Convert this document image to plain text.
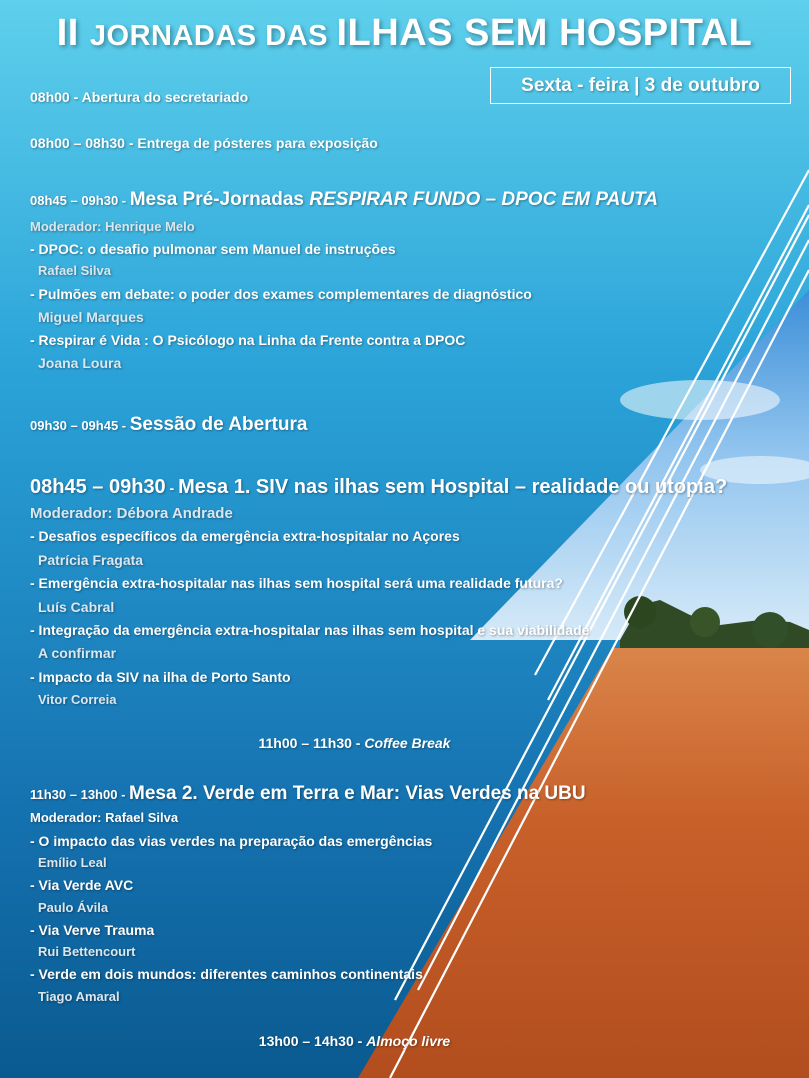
II JORNADAS DAS ILHAS SEM HOSPITAL
Sexta - feira | 3 de outubro
08h00 - Abertura do secretariado
08h00 – 08h30 - Entrega de pósteres para exposição
08h45 – 09h30 - Mesa Pré-Jornadas RESPIRAR FUNDO – DPOC EM PAUTA
Moderador: Henrique Melo
- DPOC: o desafio pulmonar sem Manuel de instruções
Rafael Silva
- Pulmões em debate: o poder dos exames complementares de diagnóstico
Miguel Marques
- Respirar é Vida : O Psicólogo na Linha da Frente contra a DPOC
Joana Loura
09h30 – 09h45 - Sessão de Abertura
08h45 – 09h30 - Mesa 1. SIV nas ilhas sem Hospital – realidade ou utopia?
Moderador: Débora Andrade
- Desafios específicos da emergência extra-hospitalar no Açores
Patrícia Fragata
- Emergência extra-hospitalar nas ilhas sem hospital será uma realidade futura?
Luís Cabral
- Integração da emergência extra-hospitalar nas ilhas sem hospital e sua viabilidade
A confirmar
- Impacto da SIV na ilha de Porto Santo
Vitor Correia
11h00 – 11h30 - Coffee Break
11h30 – 13h00 - Mesa 2. Verde em Terra e Mar: Vias Verdes na UBU
Moderador: Rafael Silva
- O impacto das vias verdes na preparação das emergências
Emílio Leal
- Via Verde AVC
Paulo Ávila
- Via Verve Trauma
Rui Bettencourt
- Verde em dois mundos: diferentes caminhos continentais
Tiago Amaral
13h00 – 14h30 - Almoço livre
